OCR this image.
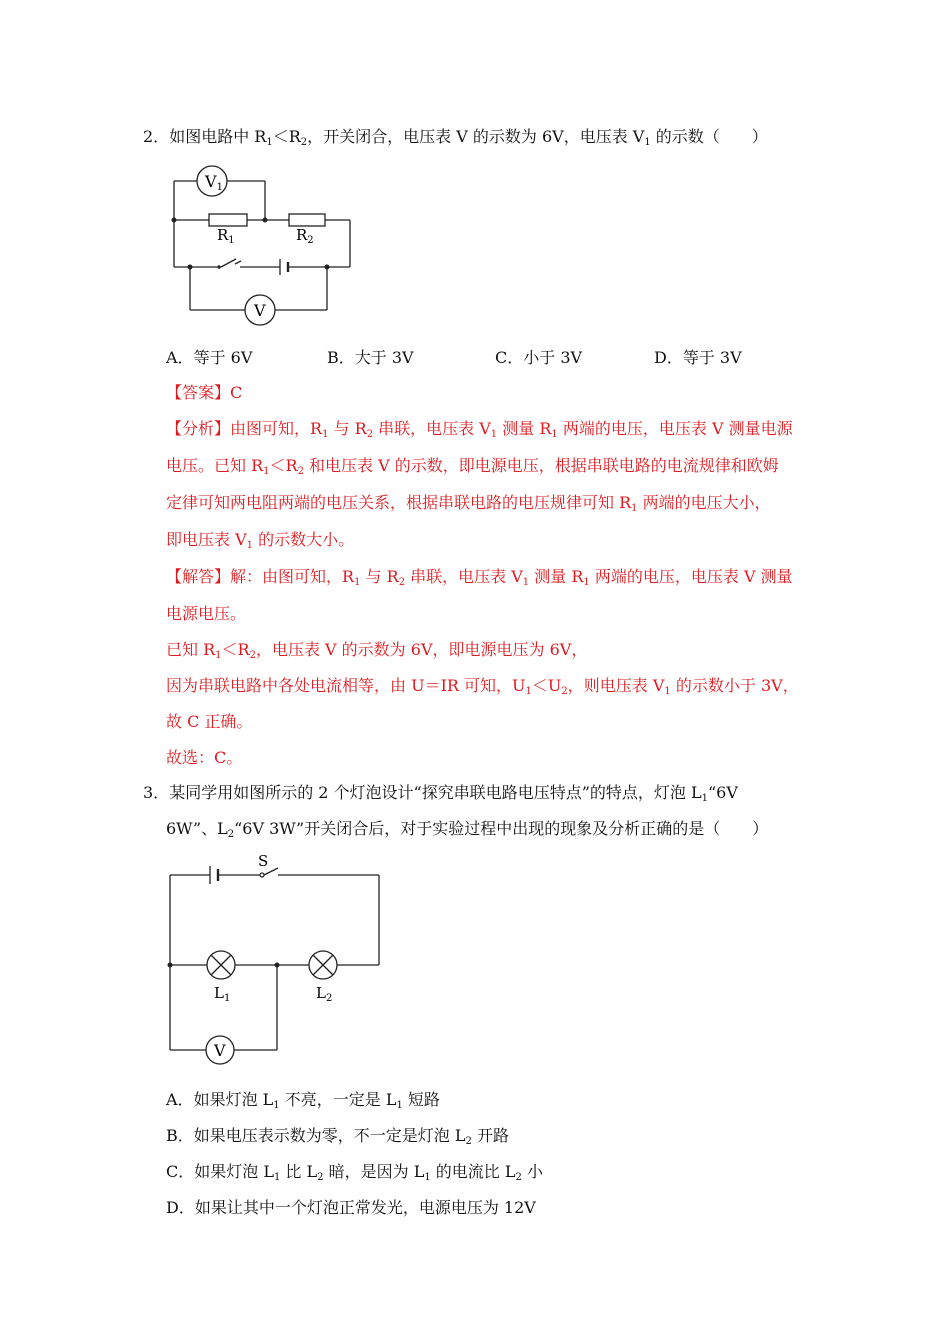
2．如图电路中 $R_1<R_2$，开关闭合，电压表 V 的示数为 6V，电压表 $V_1$ 的示数（　　）
V1
V
$R_1$	$R_2$
A．等于 6V	B．大于 3V	C．小于 3V	D．等于 3V
【答案】C
【分析】由图可知，$R_1$ 与 $R_2$ 串联，电压表 $V_1$ 测量 $R_1$ 两端的电压，电压表 V 测量电源
电压。已知 $R_1<R_2$ 和电压表 V 的示数，即电源电压，根据串联电路的电流规律和欧姆
定律可知两电阻两端的电压关系，根据串联电路的电压规律可知 $R_1$ 两端的电压大小，
即电压表 $V_1$ 的示数大小。
【解答】解：由图可知，$R_1$ 与 $R_2$ 串联，电压表 $V_1$ 测量 $R_1$ 两端的电压，电压表 V 测量
电源电压。
已知 $R_1<R_2$，电压表 V 的示数为 6V，即电源电压为 6V，
因为串联电路中各处电流相等，由 U＝IR 可知，$U_1<U_2$，则电压表 $V_1$ 的示数小于 3V，
故 C 正确。
故选：C。
3．某同学用如图所示的 2 个灯泡设计“探究串联电路电压特点”的特点，灯泡 $L_1“6V$
6W”、$L_2“6V$ 3W”开关闭合后，对于实验过程中出现的现象及分析正确的是（　　）
S
$L_1$	$L_2$
V
A．如果灯泡 $L_1$ 不亮，一定是 $L_1$ 短路
B．如果电压表示数为零，不一定是灯泡 $L_2$ 开路
C．如果灯泡 $L_1$ 比 $L_2$ 暗，是因为 $L_1$ 的电流比 $L_2$ 小
D．如果让其中一个灯泡正常发光，电源电压为 12V
